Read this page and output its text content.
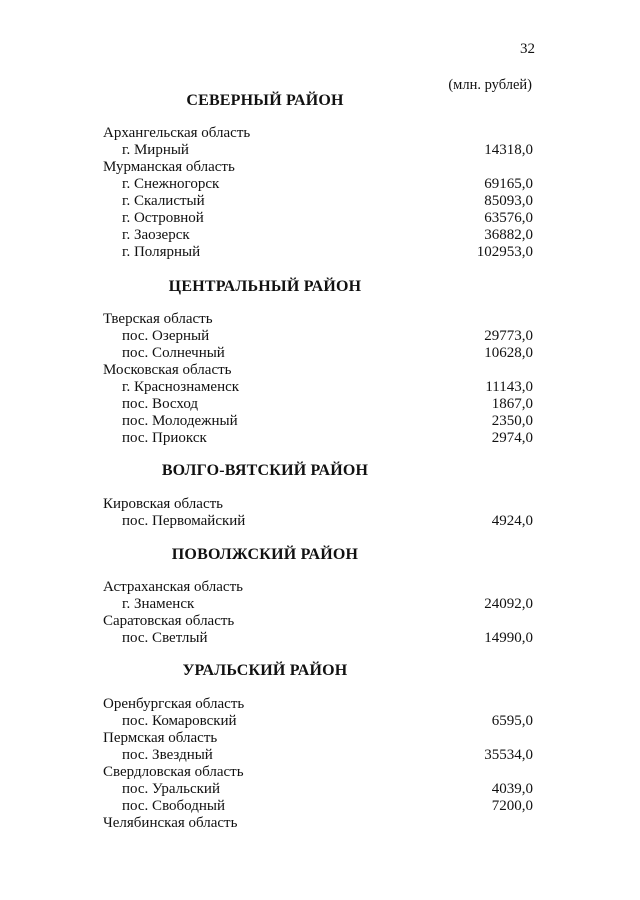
32
(млн. рублей)
СЕВЕРНЫЙ РАЙОН
Архангельская область
г. Мирный	14318,0
Мурманская область
г. Снежногорск	69165,0
г. Скалистый	85093,0
г. Островной	63576,0
г. Заозерск	36882,0
г. Полярный	102953,0
ЦЕНТРАЛЬНЫЙ РАЙОН
Тверская область
пос. Озерный	29773,0
пос. Солнечный	10628,0
Московская область
г. Краснознаменск	11143,0
пос. Восход	1867,0
пос. Молодежный	2350,0
пос. Приокск	2974,0
ВОЛГО-ВЯТСКИЙ РАЙОН
Кировская область
пос. Первомайский	4924,0
ПОВОЛЖСКИЙ РАЙОН
Астраханская область
г. Знаменск	24092,0
Саратовская область
пос. Светлый	14990,0
УРАЛЬСКИЙ РАЙОН
Оренбургская область
пос. Комаровский	6595,0
Пермская область
пос. Звездный	35534,0
Свердловская область
пос. Уральский	4039,0
пос. Свободный	7200,0
Челябинская область
